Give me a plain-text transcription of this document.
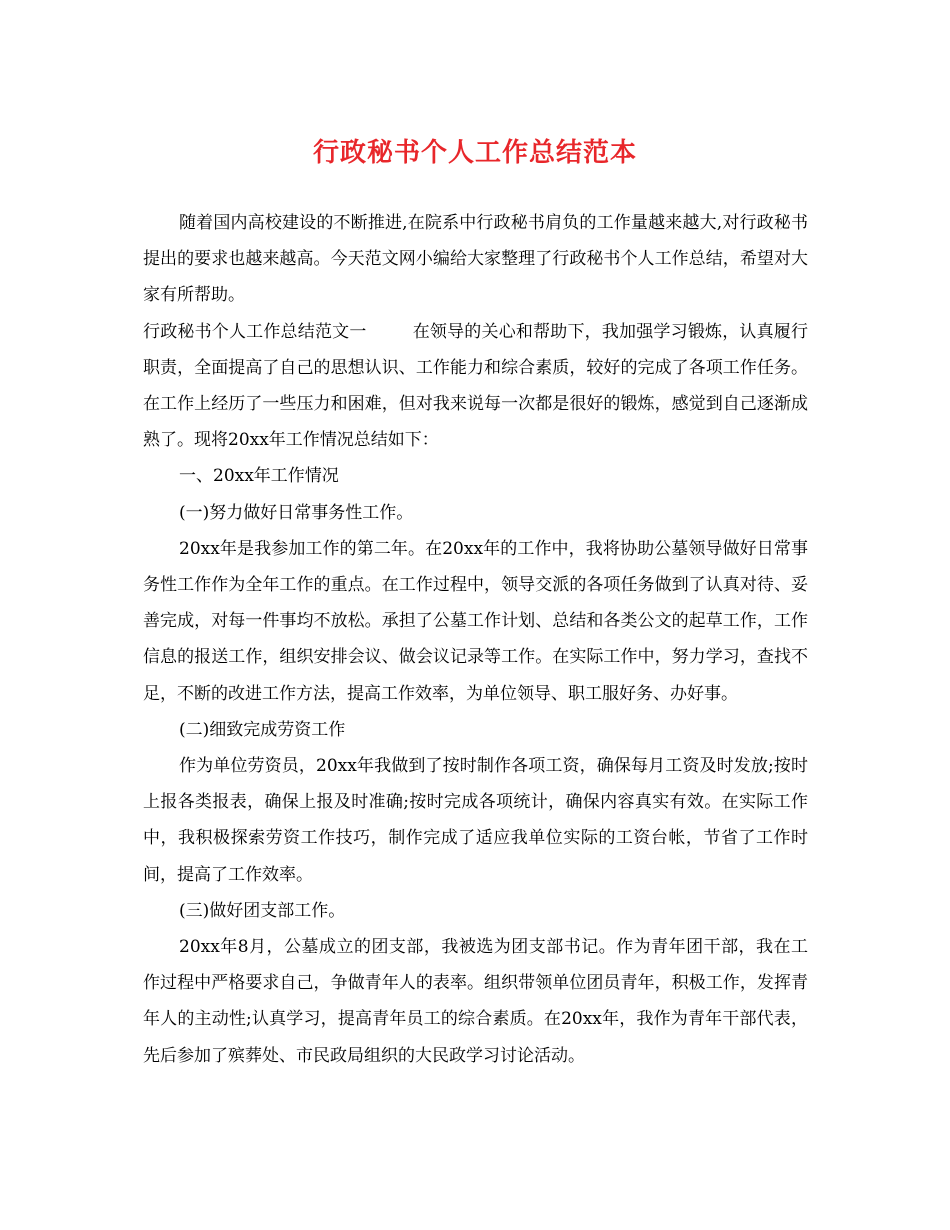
行政秘书个人工作总结范本

随着国内高校建设的不断推进,在院系中行政秘书肩负的工作量越来越大,对行政秘书提出的要求也越来越高。今天范文网小编给大家整理了行政秘书个人工作总结，希望对大家有所帮助。

行政秘书个人工作总结范文一	在领导的关心和帮助下，我加强学习锻炼，认真履行职责，全面提高了自己的思想认识、工作能力和综合素质，较好的完成了各项工作任务。在工作上经历了一些压力和困难，但对我来说每一次都是很好的锻炼，感觉到自己逐渐成熟了。现将20xx年工作情况总结如下：

一、20xx年工作情况

(一)努力做好日常事务性工作。

20xx年是我参加工作的第二年。在20xx年的工作中，我将协助公墓领导做好日常事务性工作作为全年工作的重点。在工作过程中，领导交派的各项任务做到了认真对待、妥善完成，对每一件事均不放松。承担了公墓工作计划、总结和各类公文的起草工作，工作信息的报送工作，组织安排会议、做会议记录等工作。在实际工作中，努力学习，查找不足，不断的改进工作方法，提高工作效率，为单位领导、职工服好务、办好事。

(二)细致完成劳资工作

作为单位劳资员，20xx年我做到了按时制作各项工资，确保每月工资及时发放;按时上报各类报表，确保上报及时准确;按时完成各项统计，确保内容真实有效。在实际工作中，我积极探索劳资工作技巧，制作完成了适应我单位实际的工资台帐，节省了工作时间，提高了工作效率。

(三)做好团支部工作。

20xx年8月，公墓成立的团支部，我被选为团支部书记。作为青年团干部，我在工作过程中严格要求自己，争做青年人的表率。组织带领单位团员青年，积极工作，发挥青年人的主动性;认真学习，提高青年员工的综合素质。在20xx年，我作为青年干部代表，先后参加了殡葬处、市民政局组织的大民政学习讨论活动。
